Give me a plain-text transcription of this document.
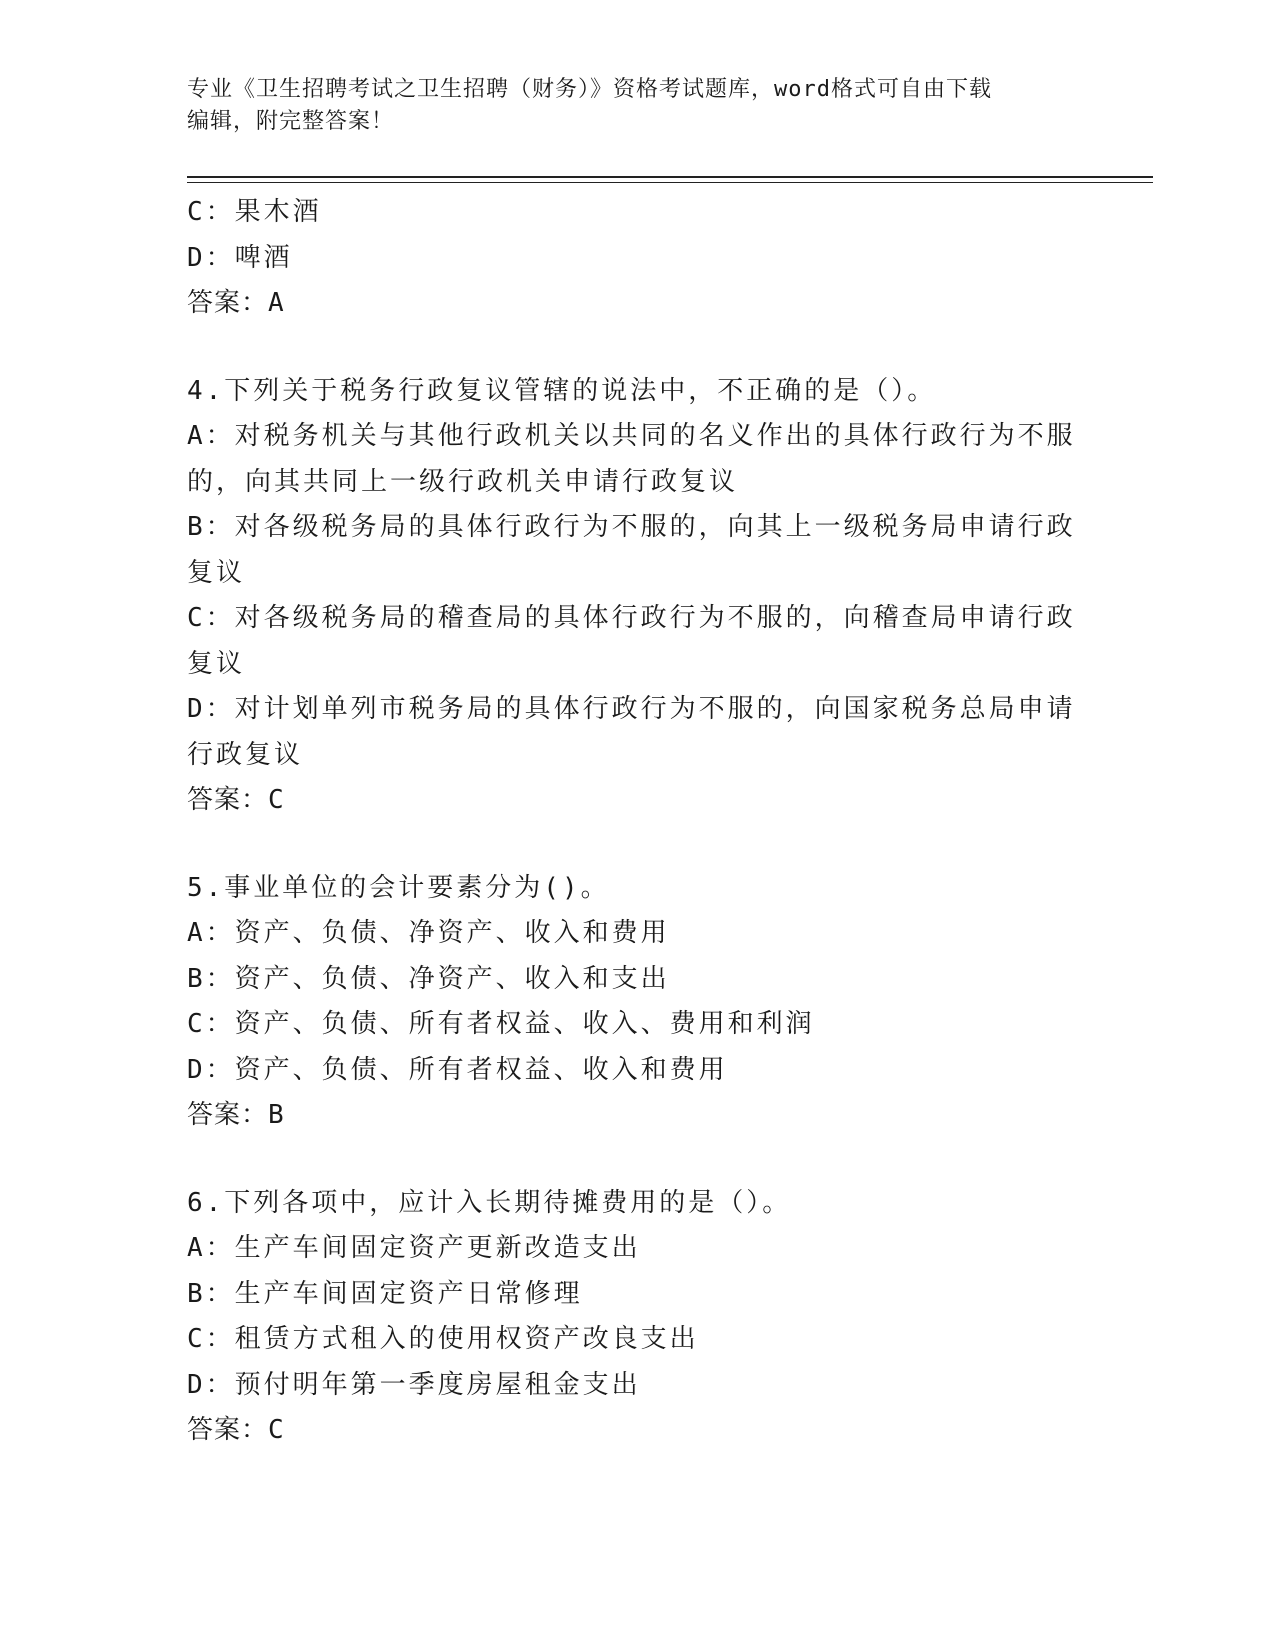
专业《卫生招聘考试之卫生招聘（财务）》资格考试题库，word格式可自由下载
编辑，附完整答案！

C：果木酒

D：啤酒

答案：A

4.下列关于税务行政复议管辖的说法中，不正确的是（）。

A：对税务机关与其他行政机关以共同的名义作出的具体行政行为不服

的，向其共同上一级行政机关申请行政复议

B：对各级税务局的具体行政行为不服的，向其上一级税务局申请行政

复议

C：对各级税务局的稽查局的具体行政行为不服的，向稽查局申请行政

复议

D：对计划单列市税务局的具体行政行为不服的，向国家税务总局申请

行政复议

答案：C

5.事业单位的会计要素分为()。

A：资产、负债、净资产、收入和费用

B：资产、负债、净资产、收入和支出

C：资产、负债、所有者权益、收入、费用和利润

D：资产、负债、所有者权益、收入和费用

答案：B

6.下列各项中，应计入长期待摊费用的是（）。

A：生产车间固定资产更新改造支出

B：生产车间固定资产日常修理

C：租赁方式租入的使用权资产改良支出

D：预付明年第一季度房屋租金支出

答案：C
